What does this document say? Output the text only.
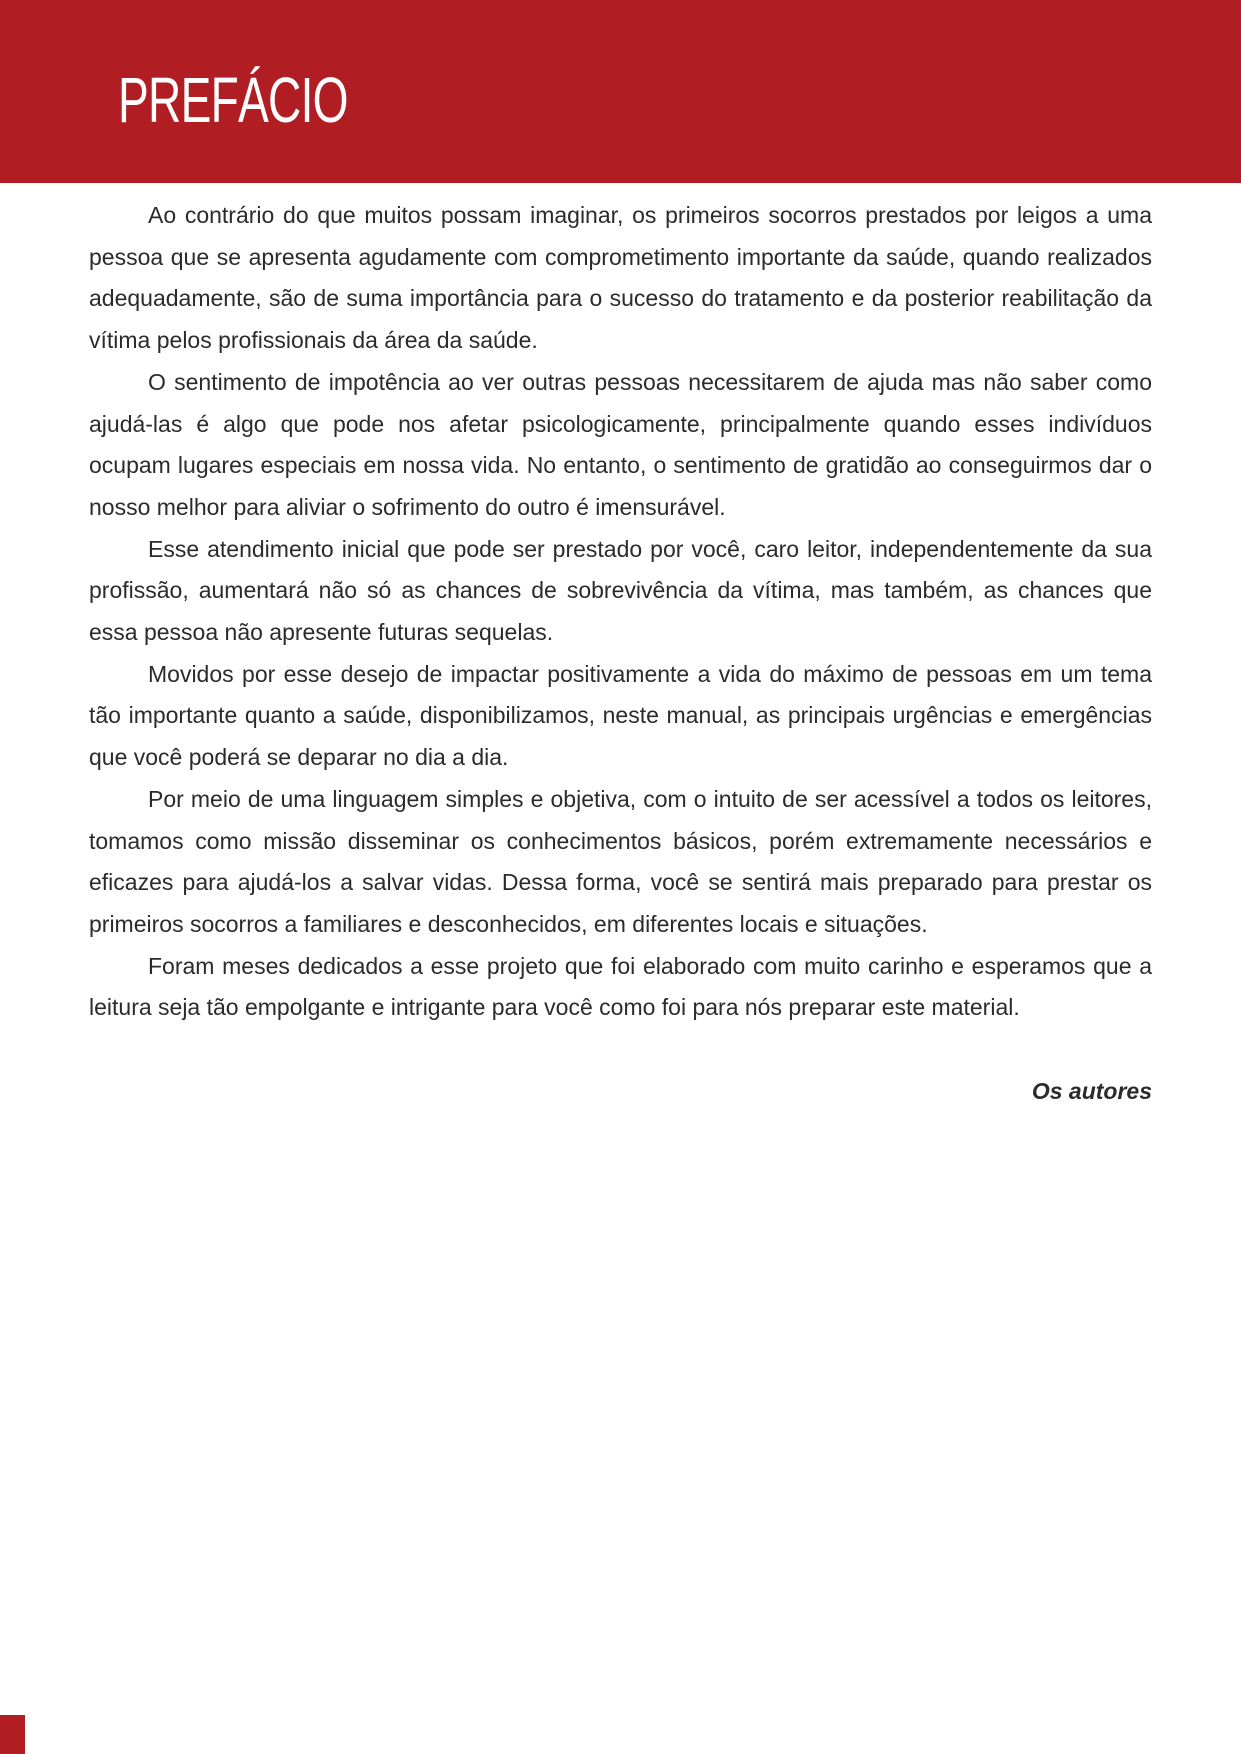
PREFÁCIO

Ao contrário do que muitos possam imaginar, os primeiros socorros prestados por leigos a uma pessoa que se apresenta agudamente com comprometimento importante da saúde, quando realizados adequadamente, são de suma importância para o sucesso do tratamento e da posterior reabilitação da vítima pelos profissionais da área da saúde.

O sentimento de impotência ao ver outras pessoas necessitarem de ajuda mas não saber como ajudá-las é algo que pode nos afetar psicologicamente, principalmente quando esses indivíduos ocupam lugares especiais em nossa vida. No entanto, o sentimento de gratidão ao conseguirmos dar o nosso melhor para aliviar o sofrimento do outro é imensurável.

Esse atendimento inicial que pode ser prestado por você, caro leitor, independentemente da sua profissão, aumentará não só as chances de sobrevivência da vítima, mas também, as chances que essa pessoa não apresente futuras sequelas.

Movidos por esse desejo de impactar positivamente a vida do máximo de pessoas em um tema tão importante quanto a saúde, disponibilizamos, neste manual, as principais urgências e emergências que você poderá se deparar no dia a dia.

Por meio de uma linguagem simples e objetiva, com o intuito de ser acessível a todos os leitores, tomamos como missão disseminar os conhecimentos básicos, porém extremamente necessários e eficazes para ajudá-los a salvar vidas. Dessa forma, você se sentirá mais preparado para prestar os primeiros socorros a familiares e desconhecidos, em diferentes locais e situações.

Foram meses dedicados a esse projeto que foi elaborado com muito carinho e esperamos que a leitura seja tão empolgante e intrigante para você como foi para nós preparar este material.

Os autores
